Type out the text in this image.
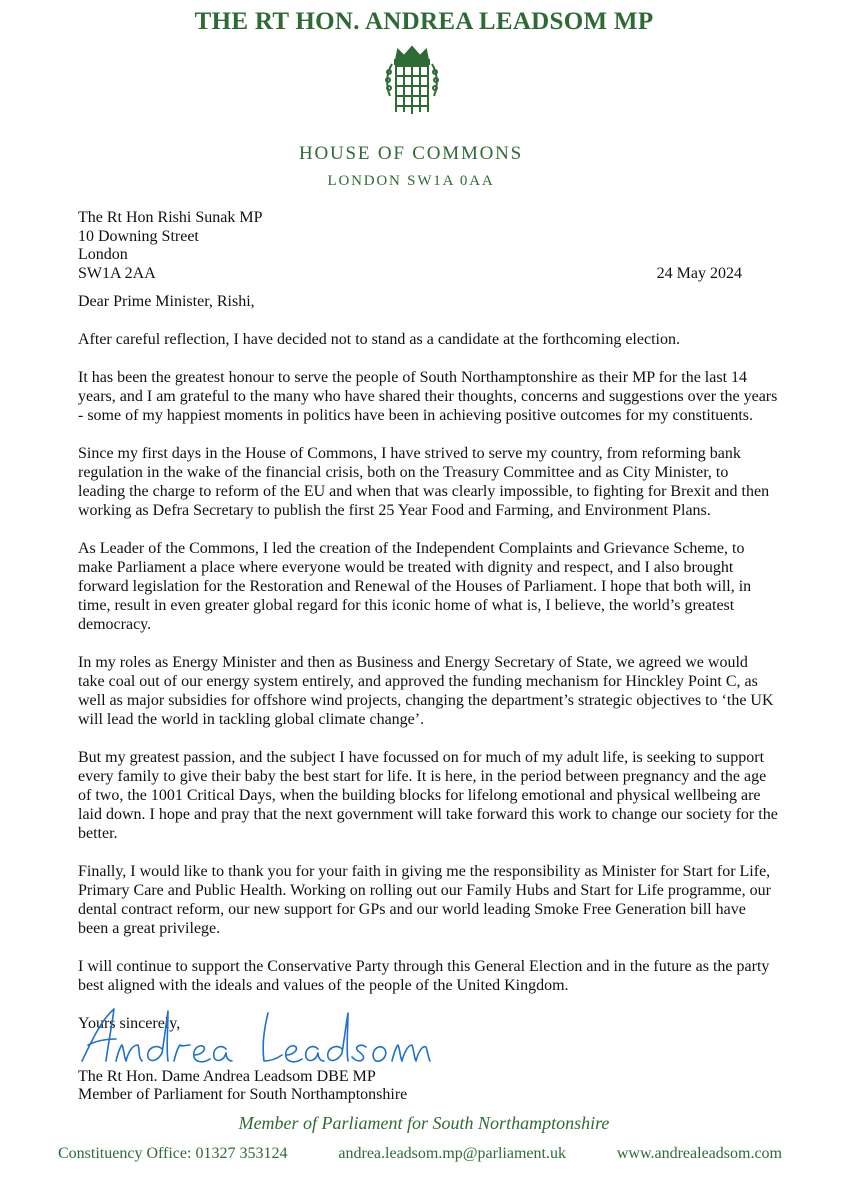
THE RT HON. ANDREA LEADSOM MP
HOUSE OF COMMONS
LONDON SW1A 0AA
The Rt Hon Rishi Sunak MP
10 Downing Street
London
SW1A 2AA	24 May 2024

Dear Prime Minister, Rishi,

After careful reflection, I have decided not to stand as a candidate at the forthcoming election.

It has been the greatest honour to serve the people of South Northamptonshire as their MP for the last 14 years, and I am grateful to the many who have shared their thoughts, concerns and suggestions over the years - some of my happiest moments in politics have been in achieving positive outcomes for my constituents.

Since my first days in the House of Commons, I have strived to serve my country, from reforming bank regulation in the wake of the financial crisis, both on the Treasury Committee and as City Minister, to leading the charge to reform of the EU and when that was clearly impossible, to fighting for Brexit and then working as Defra Secretary to publish the first 25 Year Food and Farming, and Environment Plans.

As Leader of the Commons, I led the creation of the Independent Complaints and Grievance Scheme, to make Parliament a place where everyone would be treated with dignity and respect, and I also brought forward legislation for the Restoration and Renewal of the Houses of Parliament. I hope that both will, in time, result in even greater global regard for this iconic home of what is, I believe, the world’s greatest democracy.

In my roles as Energy Minister and then as Business and Energy Secretary of State, we agreed we would take coal out of our energy system entirely, and approved the funding mechanism for Hinckley Point C, as well as major subsidies for offshore wind projects, changing the department’s strategic objectives to ‘the UK will lead the world in tackling global climate change’.

But my greatest passion, and the subject I have focussed on for much of my adult life, is seeking to support every family to give their baby the best start for life. It is here, in the period between pregnancy and the age of two, the 1001 Critical Days, when the building blocks for lifelong emotional and physical wellbeing are laid down. I hope and pray that the next government will take forward this work to change our society for the better.

Finally, I would like to thank you for your faith in giving me the responsibility as Minister for Start for Life, Primary Care and Public Health. Working on rolling out our Family Hubs and Start for Life programme, our dental contract reform, our new support for GPs and our world leading Smoke Free Generation bill have been a great privilege.

I will continue to support the Conservative Party through this General Election and in the future as the party best aligned with the ideals and values of the people of the United Kingdom.

Yours sincerely,

The Rt Hon. Dame Andrea Leadsom DBE MP
Member of Parliament for South Northamptonshire
Member of Parliament for South Northamptonshire
Constituency Office: 01327 353124	andrea.leadsom.mp@parliament.uk	www.andrealeadsom.com
